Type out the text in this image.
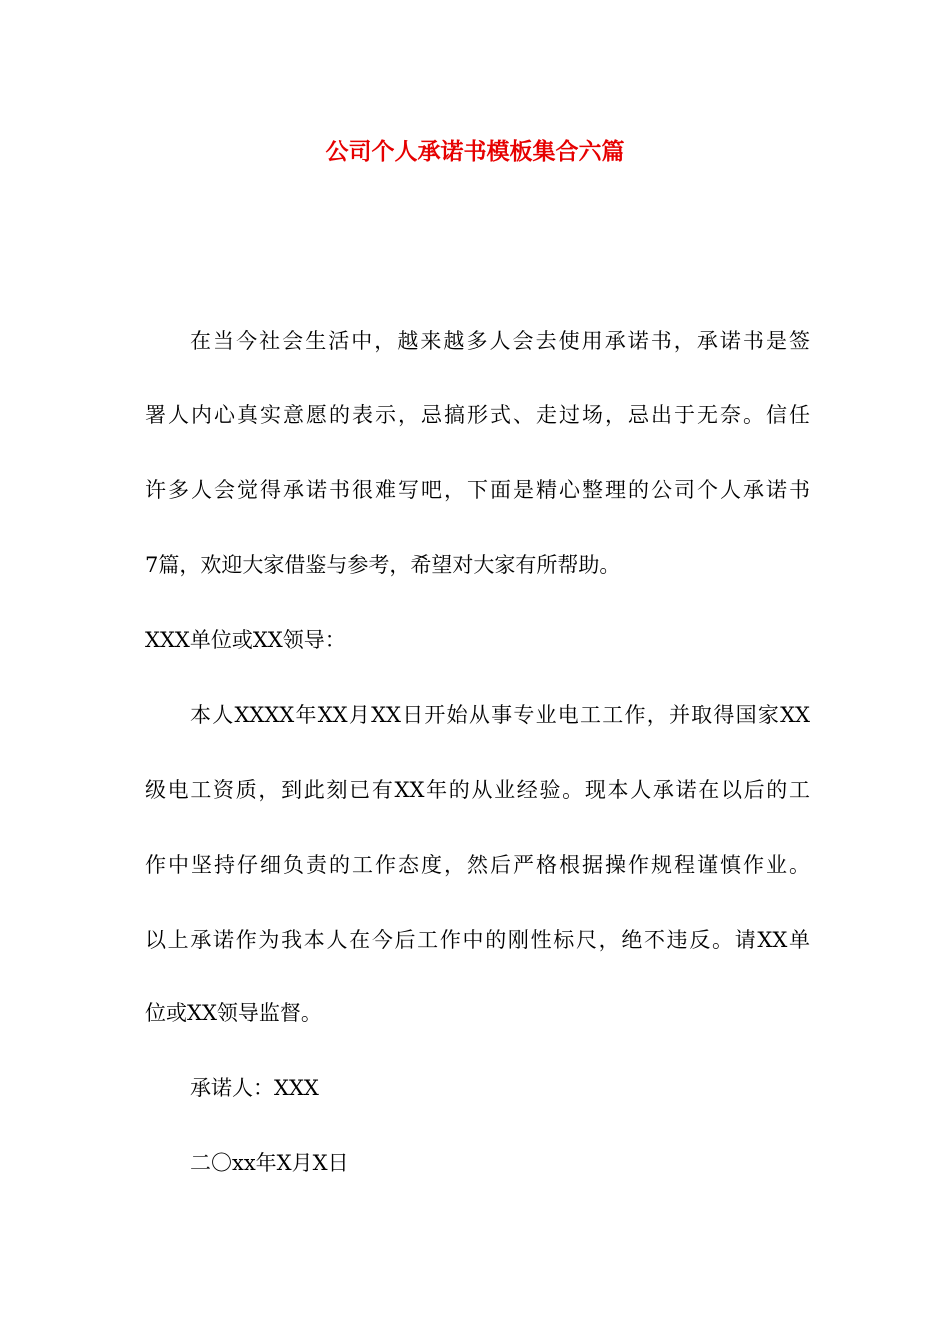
公司个人承诺书模板集合六篇

在当今社会生活中，越来越多人会去使用承诺书，承诺书是签

署人内心真实意愿的表示，忌搞形式、走过场，忌出于无奈。信任

许多人会觉得承诺书很难写吧，下面是精心整理的公司个人承诺书

7篇，欢迎大家借鉴与参考，希望对大家有所帮助。

XXX单位或XX领导：

本人XXXX年XX月XX日开始从事专业电工工作，并取得国家XX

级电工资质，到此刻已有XX年的从业经验。现本人承诺在以后的工

作中坚持仔细负责的工作态度，然后严格根据操作规程谨慎作业。

以上承诺作为我本人在今后工作中的刚性标尺，绝不违反。请XX单

位或XX领导监督。

承诺人：XXX

二〇xx年X月X日
